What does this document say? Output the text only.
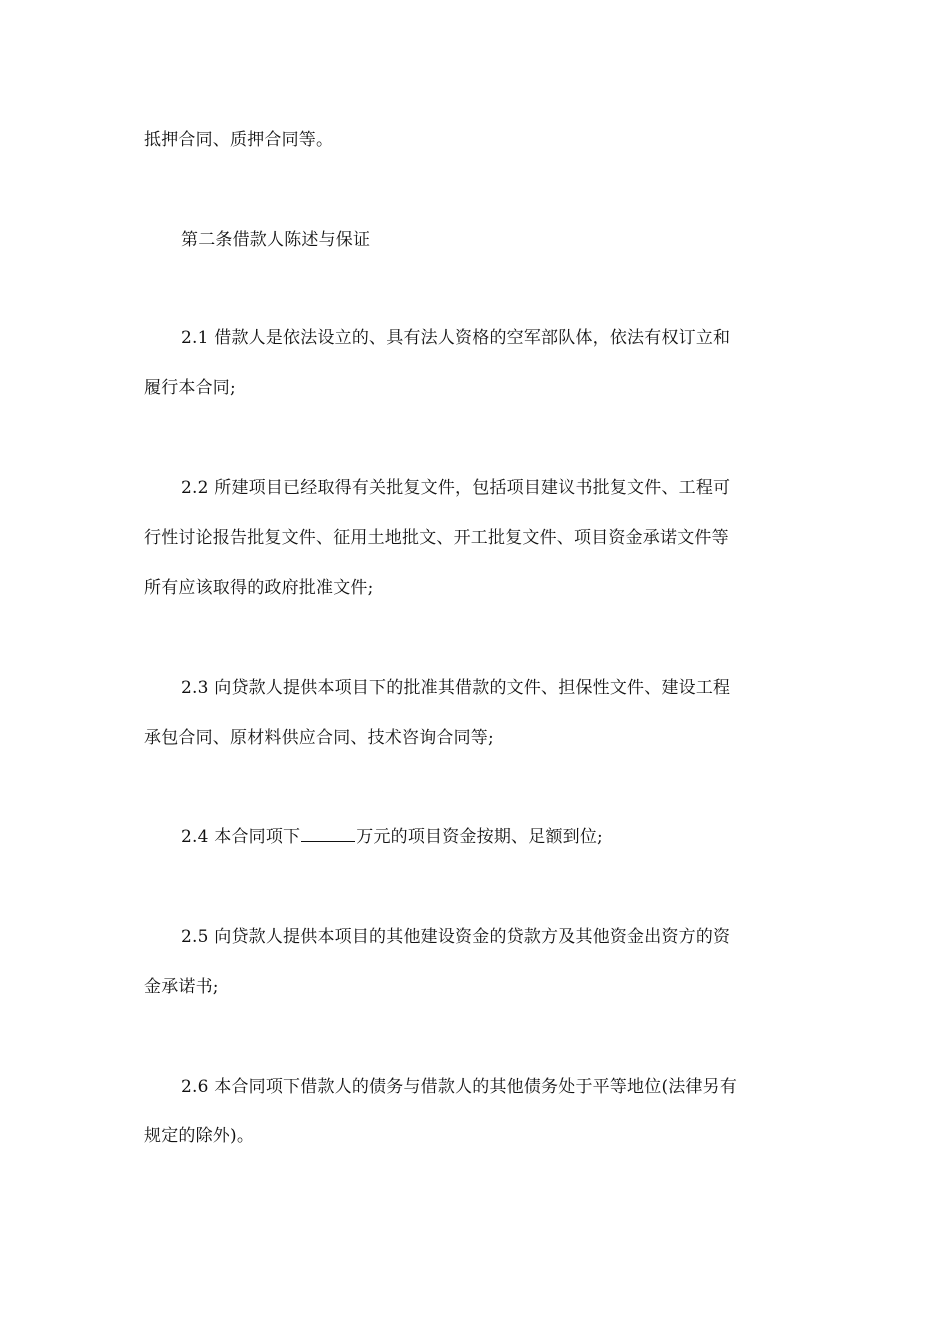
抵押合同、质押合同等。
第二条借款人陈述与保证
2.1 借款人是依法设立的、具有法人资格的空军部队体，依法有权订立和
履行本合同;
2.2 所建项目已经取得有关批复文件，包括项目建议书批复文件、工程可
行性讨论报告批复文件、征用土地批文、开工批复文件、项目资金承诺文件等
所有应该取得的政府批准文件;
2.3 向贷款人提供本项目下的批准其借款的文件、担保性文件、建设工程
承包合同、原材料供应合同、技术咨询合同等;
2.4 本合同项下	万元的项目资金按期、足额到位;
2.5 向贷款人提供本项目的其他建设资金的贷款方及其他资金出资方的资
金承诺书;
2.6 本合同项下借款人的债务与借款人的其他债务处于平等地位(法律另有
规定的除外)。
